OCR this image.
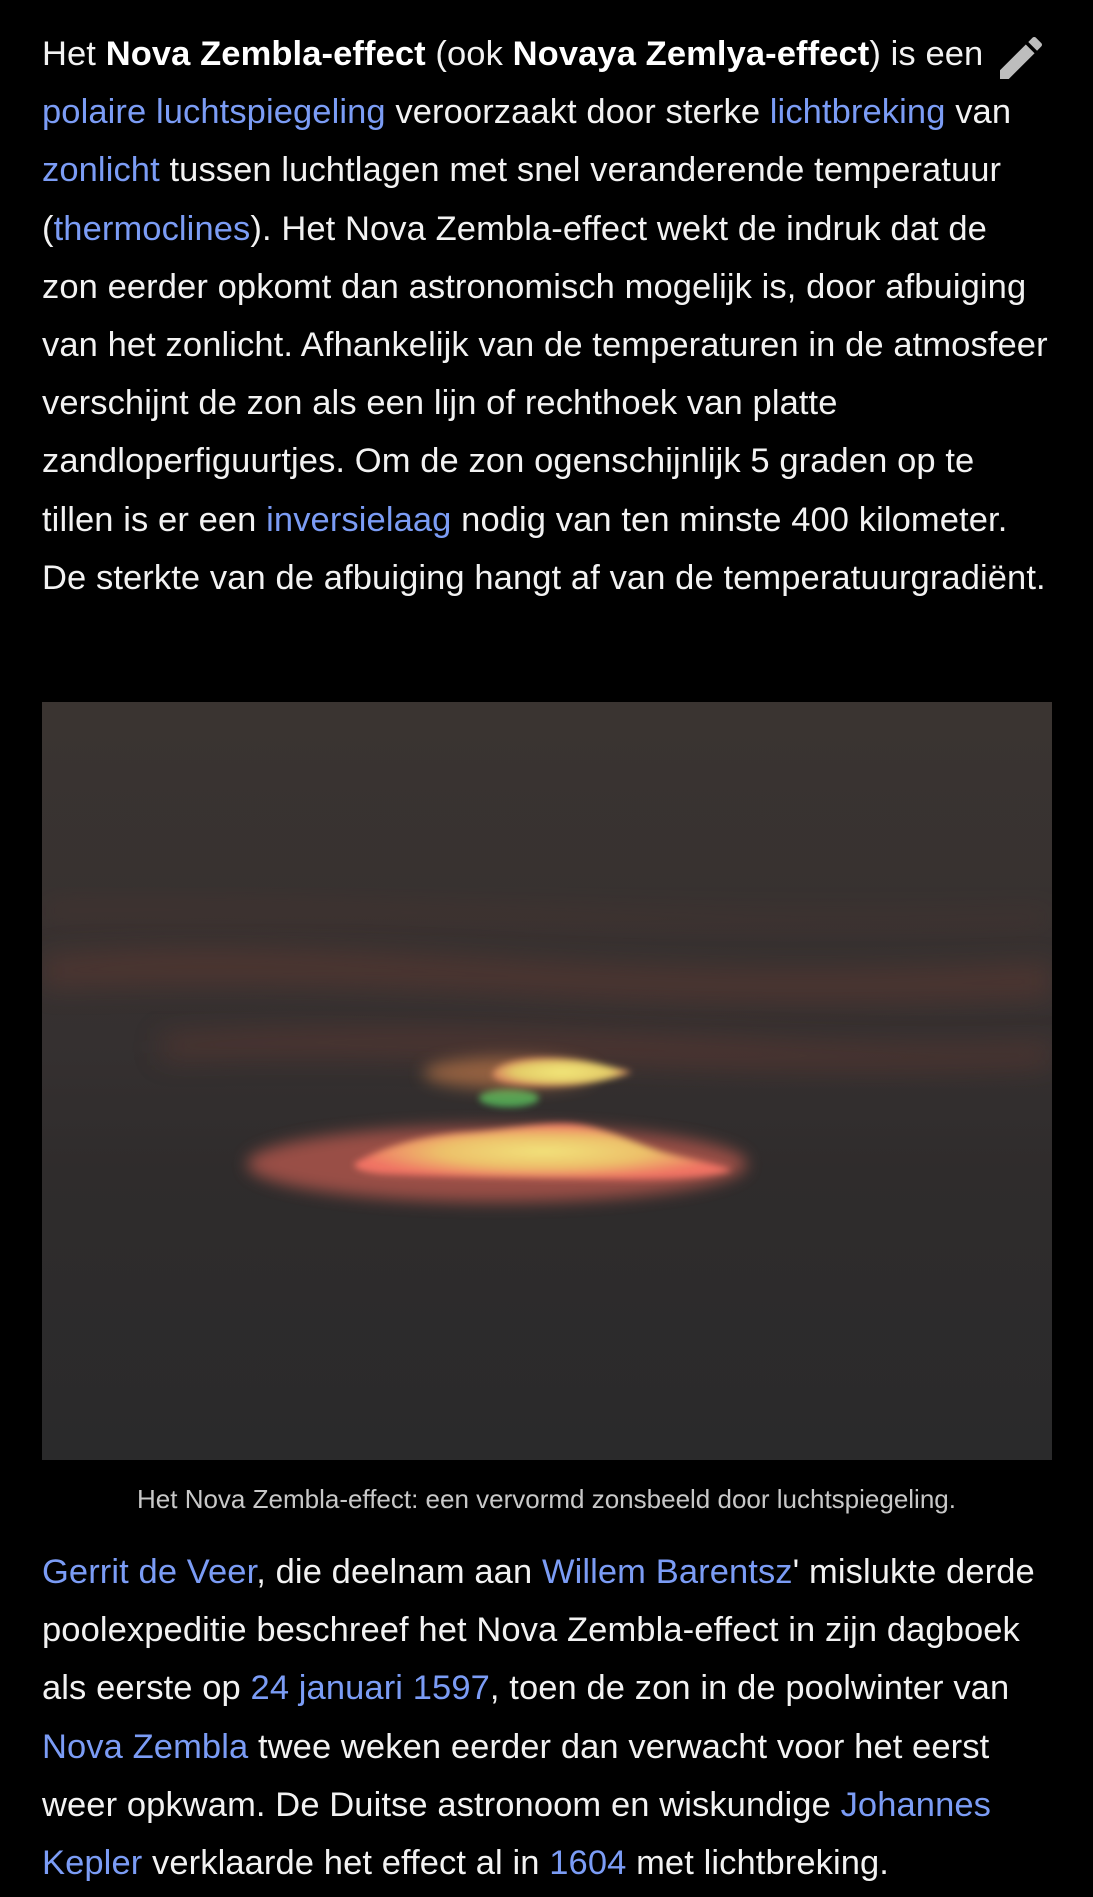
Het Nova Zembla-effect (ook Novaya Zemlya-effect) is een polaire luchtspiegeling veroorzaakt door sterke lichtbreking van zonlicht tussen luchtlagen met snel veranderende temperatuur (thermoclines). Het Nova Zembla-effect wekt de indruk dat de zon eerder opkomt dan astronomisch mogelijk is, door afbuiging van het zonlicht. Afhankelijk van de temperaturen in de atmosfeer verschijnt de zon als een lijn of rechthoek van platte zandloperfiguurtjes. Om de zon ogenschijnlijk 5 graden op te tillen is er een inversielaag nodig van ten minste 400 kilometer. De sterkte van de afbuiging hangt af van de temperatuurgradiënt.

Gerrit de Veer, die deelnam aan Willem Barentsz' mislukte derde poolexpeditie beschreef het Nova Zembla-effect in zijn dagboek als eerste op 24 januari 1597, toen de zon in de poolwinter van Nova Zembla twee weken eerder dan verwacht voor het eerst weer opkwam. De Duitse astronoom en wiskundige Johannes Kepler verklaarde het effect al in 1604 met lichtbreking.

Het Nova Zembla-effect: een vervormd zonsbeeld door luchtspiegeling.
